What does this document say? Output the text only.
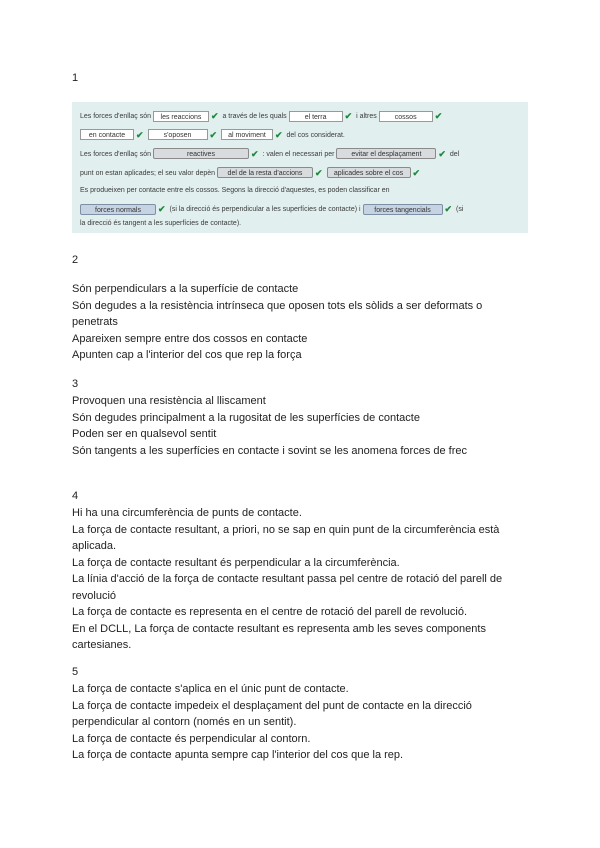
1
Les forces d'enllaç són les reaccions ✔ a través de les quals	el terra ✔ i altres	cossos ✔
en contacte ✔	s'oposen ✔ al moviment ✔ del cos considerat.
Les forces d'enllaç són	reactives	✔ : valen el necessari per evitar el desplaçament ✔ del
punt on estan aplicades; el seu valor depèn del de la resta d'accions ✔ aplicades sobre el cos ✔
Es produeixen per contacte entre els cossos. Segons la direcció d'aquestes, es poden classificar en
forces normals ✔ (si la direcció és perpendicular a les superfícies de contacte) i forces tangencials ✔ (si
la direcció és tangent a les superfícies de contacte).
2
Són perpendiculars a la superfície de contacte
Són degudes a la resistència intrínseca que oposen tots els sòlids a ser deformats o
penetrats
Apareixen sempre entre dos cossos en contacte
Apunten cap a l'interior del cos que rep la força
3
Provoquen una resistència al lliscament
Són degudes principalment a la rugositat de les superfícies de contacte
Poden ser en qualsevol sentit
Són tangents a les superfícies en contacte i sovint se les anomena forces de frec
4
Hi ha una circumferència de punts de contacte.
La força de contacte resultant, a priori, no se sap en quin punt de la circumferència està
aplicada.
La força de contacte resultant és perpendicular a la circumferència.
La línia d'acció de la força de contacte resultant passa pel centre de rotació del parell de
revolució
La força de contacte es representa en el centre de rotació del parell de revolució.
En el DCLL, La força de contacte resultant es representa amb les seves components
cartesianes.
5
La força de contacte s'aplica en el únic punt de contacte.
La força de contacte impedeix el desplaçament del punt de contacte en la direcció
perpendicular al contorn (només en un sentit).
La força de contacte és perpendicular al contorn.
La força de contacte apunta sempre cap l'interior del cos que la rep.
